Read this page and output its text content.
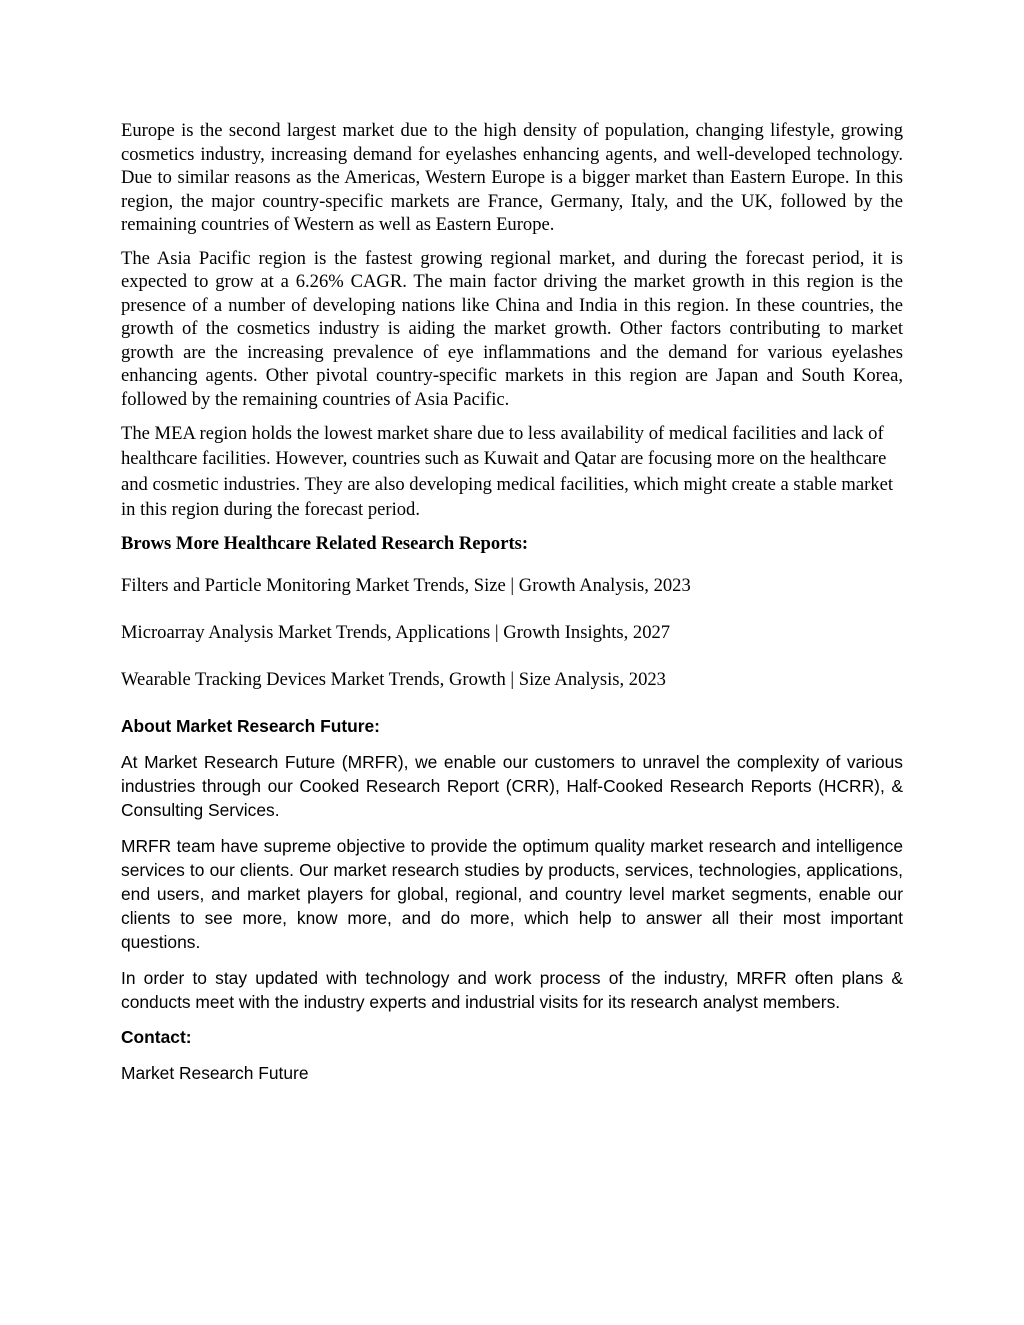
Europe is the second largest market due to the high density of population, changing lifestyle, growing cosmetics industry, increasing demand for eyelashes enhancing agents, and well-developed technology. Due to similar reasons as the Americas, Western Europe is a bigger market than Eastern Europe. In this region, the major country-specific markets are France, Germany, Italy, and the UK, followed by the remaining countries of Western as well as Eastern Europe.

The Asia Pacific region is the fastest growing regional market, and during the forecast period, it is expected to grow at a 6.26% CAGR. The main factor driving the market growth in this region is the presence of a number of developing nations like China and India in this region. In these countries, the growth of the cosmetics industry is aiding the market growth. Other factors contributing to market growth are the increasing prevalence of eye inflammations and the demand for various eyelashes enhancing agents. Other pivotal country-specific markets in this region are Japan and South Korea, followed by the remaining countries of Asia Pacific.

The MEA region holds the lowest market share due to less availability of medical facilities and lack of healthcare facilities. However, countries such as Kuwait and Qatar are focusing more on the healthcare and cosmetic industries. They are also developing medical facilities, which might create a stable market in this region during the forecast period.

Brows More Healthcare Related Research Reports:
Filters and Particle Monitoring Market Trends, Size | Growth Analysis, 2023
Microarray Analysis Market Trends, Applications | Growth Insights, 2027
Wearable Tracking Devices Market Trends, Growth | Size Analysis, 2023
About Market Research Future:

At Market Research Future (MRFR), we enable our customers to unravel the complexity of various industries through our Cooked Research Report (CRR), Half-Cooked Research Reports (HCRR), & Consulting Services.

MRFR team have supreme objective to provide the optimum quality market research and intelligence services to our clients. Our market research studies by products, services, technologies, applications, end users, and market players for global, regional, and country level market segments, enable our clients to see more, know more, and do more, which help to answer all their most important questions.

In order to stay updated with technology and work process of the industry, MRFR often plans & conducts meet with the industry experts and industrial visits for its research analyst members.

Contact:

Market Research Future
